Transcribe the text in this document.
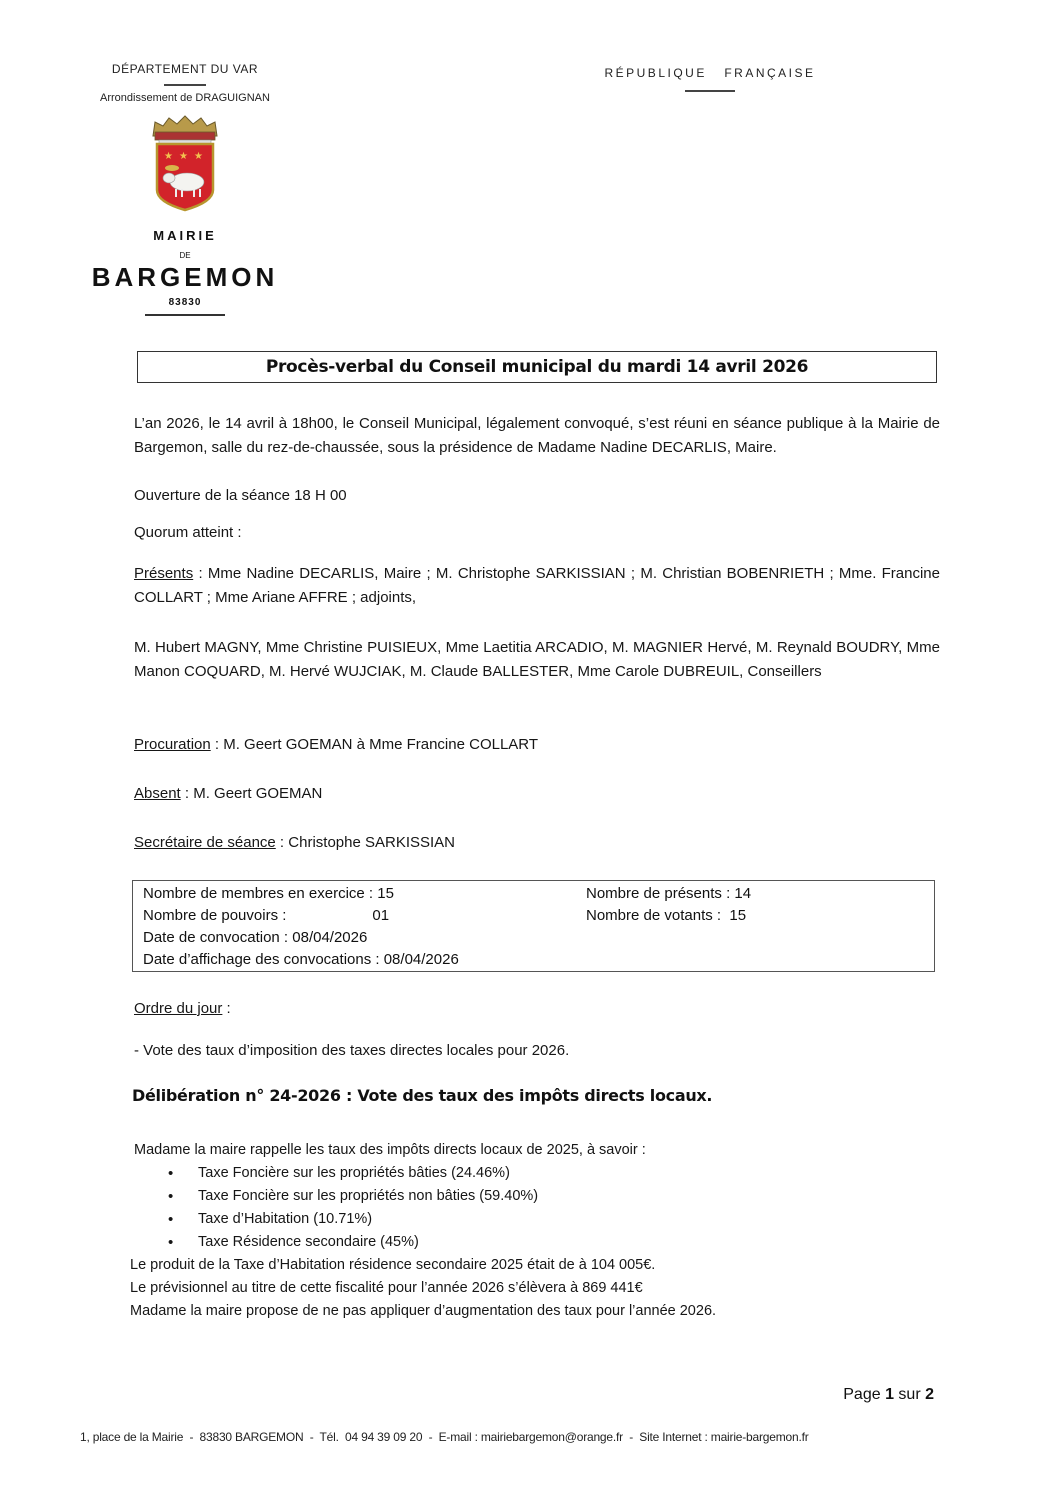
DÉPARTEMENT DU VAR
Arrondissement de DRAGUIGNAN
★ ★ ★
MAIRIE
DE
BARGEMON
83830
RÉPUBLIQUE   FRANÇAISE
Procès-verbal du Conseil municipal du mardi 14 avril 2026
L’an 2026, le 14 avril à 18h00, le Conseil Municipal, légalement convoqué, s’est réuni en séance publique à la Mairie de Bargemon, salle du rez-de-chaussée, sous la présidence de Madame Nadine DECARLIS, Maire.
Ouverture de la séance 18 H 00
Quorum atteint :
Présents : Mme Nadine DECARLIS, Maire ; M. Christophe SARKISSIAN ; M. Christian BOBENRIETH ; Mme. Francine COLLART ; Mme Ariane AFFRE ; adjoints,
M. Hubert MAGNY, Mme Christine PUISIEUX, Mme Laetitia ARCADIO, M. MAGNIER Hervé, M. Reynald BOUDRY, Mme Manon COQUARD, M. Hervé WUJCIAK, M. Claude BALLESTER, Mme Carole DUBREUIL, Conseillers
Procuration : M. Geert GOEMAN à Mme Francine COLLART
Absent : M. Geert GOEMAN
Secrétaire de séance : Christophe SARKISSIAN
Nombre de membres en exercice : 15
Nombre de pouvoirs :	01
Date de convocation : 08/04/2026
Date d’affichage des convocations : 08/04/2026
Nombre de présents : 14
Nombre de votants :  15
Ordre du jour :
- Vote des taux d’imposition des taxes directes locales pour 2026.
Délibération n° 24-2026 : Vote des taux des impôts directs locaux.
Madame la maire rappelle les taux des impôts directs locaux de 2025, à savoir :
• Taxe Foncière sur les propriétés bâties (24.46%)
• Taxe Foncière sur les propriétés non bâties (59.40%)
• Taxe d’Habitation (10.71%)
• Taxe Résidence secondaire (45%)
Le produit de la Taxe d’Habitation résidence secondaire 2025 était de à 104 005€.
Le prévisionnel au titre de cette fiscalité pour l’année 2026 s’élèvera à 869 441€
Madame la maire propose de ne pas appliquer d’augmentation des taux pour l’année 2026.
Page 1 sur 2
1, place de la Mairie  -  83830 BARGEMON  -  Tél.  04 94 39 09 20  -  E-mail : mairiebargemon@orange.fr  -  Site Internet : mairie-bargemon.fr
